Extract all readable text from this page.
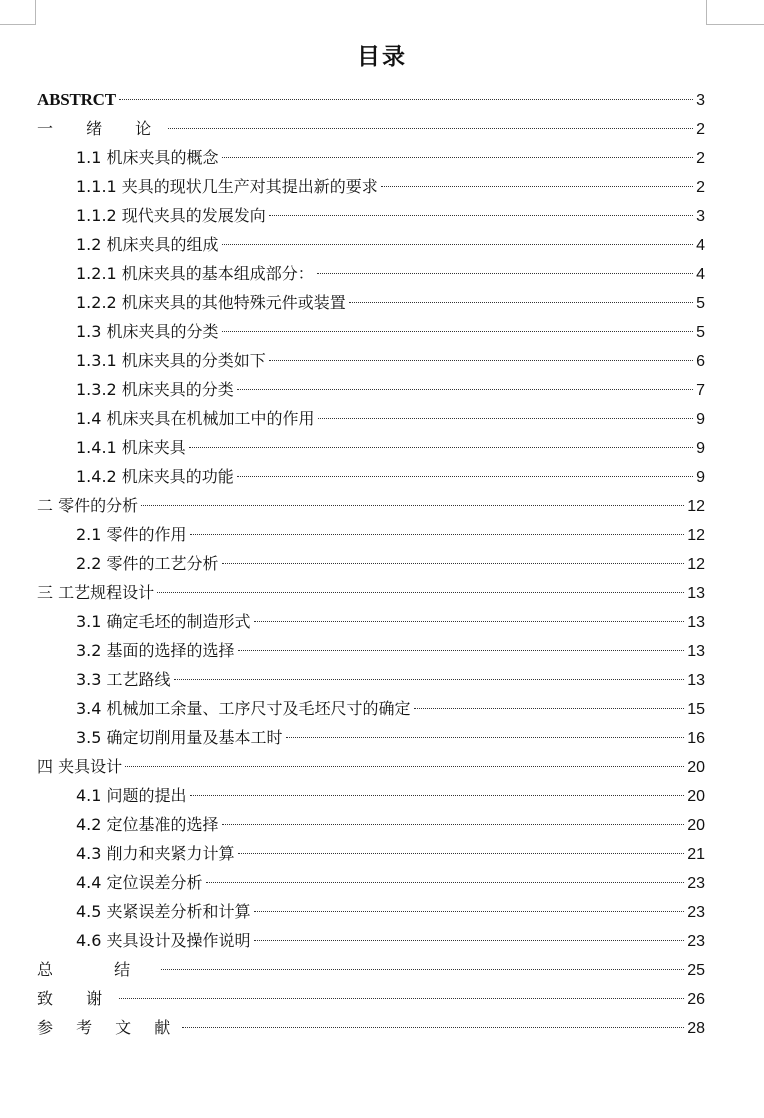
目录
ABSTRCT	3
一 绪 论	2
1.1 机床夹具的概念	2
1.1.1 夹具的现状几生产对其提出新的要求	2
1.1.2 现代夹具的发展发向	3
1.2 机床夹具的组成	4
1.2.1 机床夹具的基本组成部分：	4
1.2.2 机床夹具的其他特殊元件或装置	5
1.3 机床夹具的分类	5
1.3.1 机床夹具的分类如下	6
1.3.2 机床夹具的分类	7
1.4 机床夹具在机械加工中的作用	9
1.4.1 机床夹具	9
1.4.2 机床夹具的功能	9
二 零件的分析	12
2.1 零件的作用	12
2.2 零件的工艺分析	12
三 工艺规程设计	13
3.1 确定毛坯的制造形式	13
3.2 基面的选择的选择	13
3.3 工艺路线	13
3.4 机械加工余量、工序尺寸及毛坯尺寸的确定	15
3.5 确定切削用量及基本工时	16
四 夹具设计	20
4.1 问题的提出	20
4.2 定位基准的选择	20
4.3 削力和夹紧力计算	21
4.4 定位误差分析	23
4.5 夹紧误差分析和计算	23
4.6 夹具设计及操作说明	23
总 结	25
致 谢	26
参 考 文 献	28
